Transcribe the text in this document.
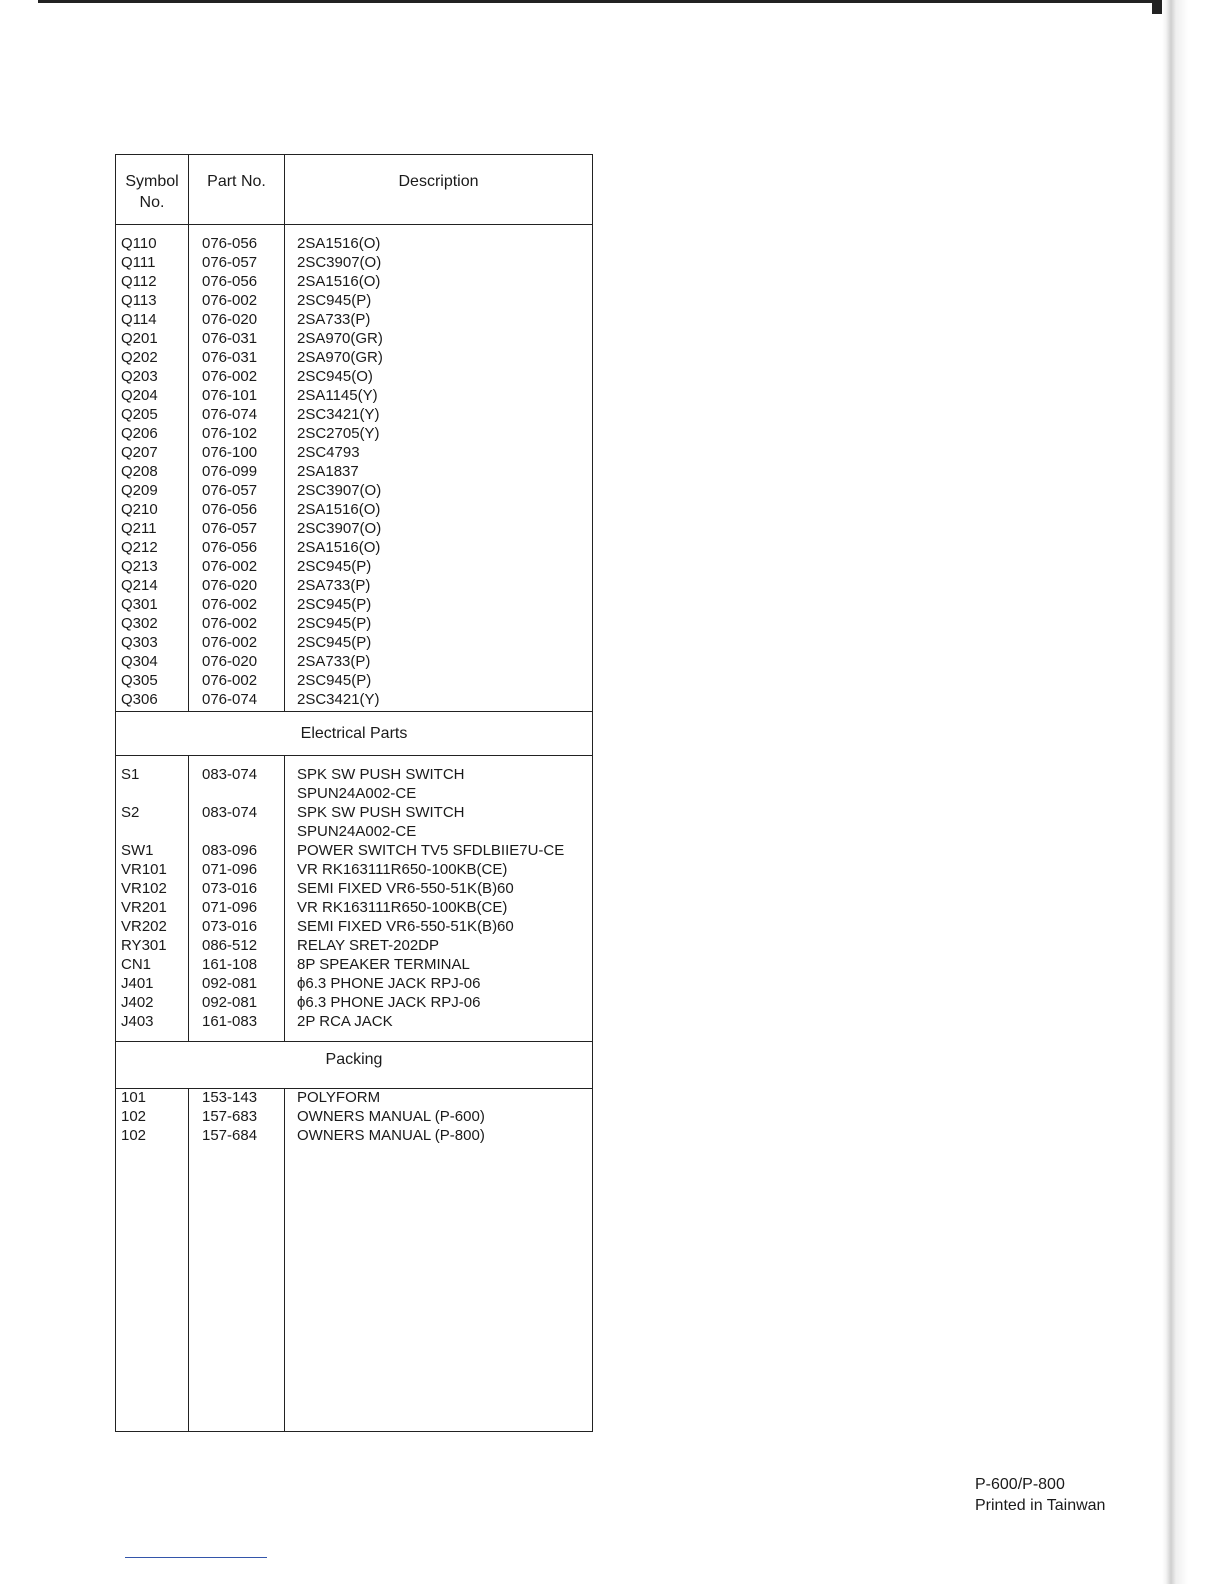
Symbol
No.
Part No.	Description
Q110
Q111
Q112
Q113
Q114
Q201
Q202
Q203
Q204
Q205
Q206
Q207
Q208
Q209
Q210
Q211
Q212
Q213
Q214
Q301
Q302
Q303
Q304
Q305
Q306
076-056
076-057
076-056
076-002
076-020
076-031
076-031
076-002
076-101
076-074
076-102
076-100
076-099
076-057
076-056
076-057
076-056
076-002
076-020
076-002
076-002
076-002
076-020
076-002
076-074
2SA1516(O)
2SC3907(O)
2SA1516(O)
2SC945(P)
2SA733(P)
2SA970(GR)
2SA970(GR)
2SC945(O)
2SA1145(Y)
2SC3421(Y)
2SC2705(Y)
2SC4793
2SA1837
2SC3907(O)
2SA1516(O)
2SC3907(O)
2SA1516(O)
2SC945(P)
2SA733(P)
2SC945(P)
2SC945(P)
2SC945(P)
2SA733(P)
2SC945(P)
2SC3421(Y)
Electrical Parts
S1
S2
SW1
VR101
VR102
VR201
VR202
RY301
CN1
J401
J402
J403
083-074
083-074
083-096
071-096
073-016
071-096
073-016
086-512
161-108
092-081
092-081
161-083
SPK SW PUSH SWITCH
SPUN24A002-CE
SPK SW PUSH SWITCH
SPUN24A002-CE
POWER SWITCH TV5 SFDLBIIE7U-CE
VR RK163111R650-100KB(CE)
SEMI FIXED VR6-550-51K(B)60
VR RK163111R650-100KB(CE)
SEMI FIXED VR6-550-51K(B)60
RELAY SRET-202DP
8P SPEAKER TERMINAL
ϕ6.3 PHONE JACK RPJ-06
ϕ6.3 PHONE JACK RPJ-06
2P RCA JACK
Packing
101
102
102
153-143
157-683
157-684
POLYFORM
OWNERS MANUAL (P-600)
OWNERS MANUAL (P-800)
P-600/P-800
Printed in Tainwan
